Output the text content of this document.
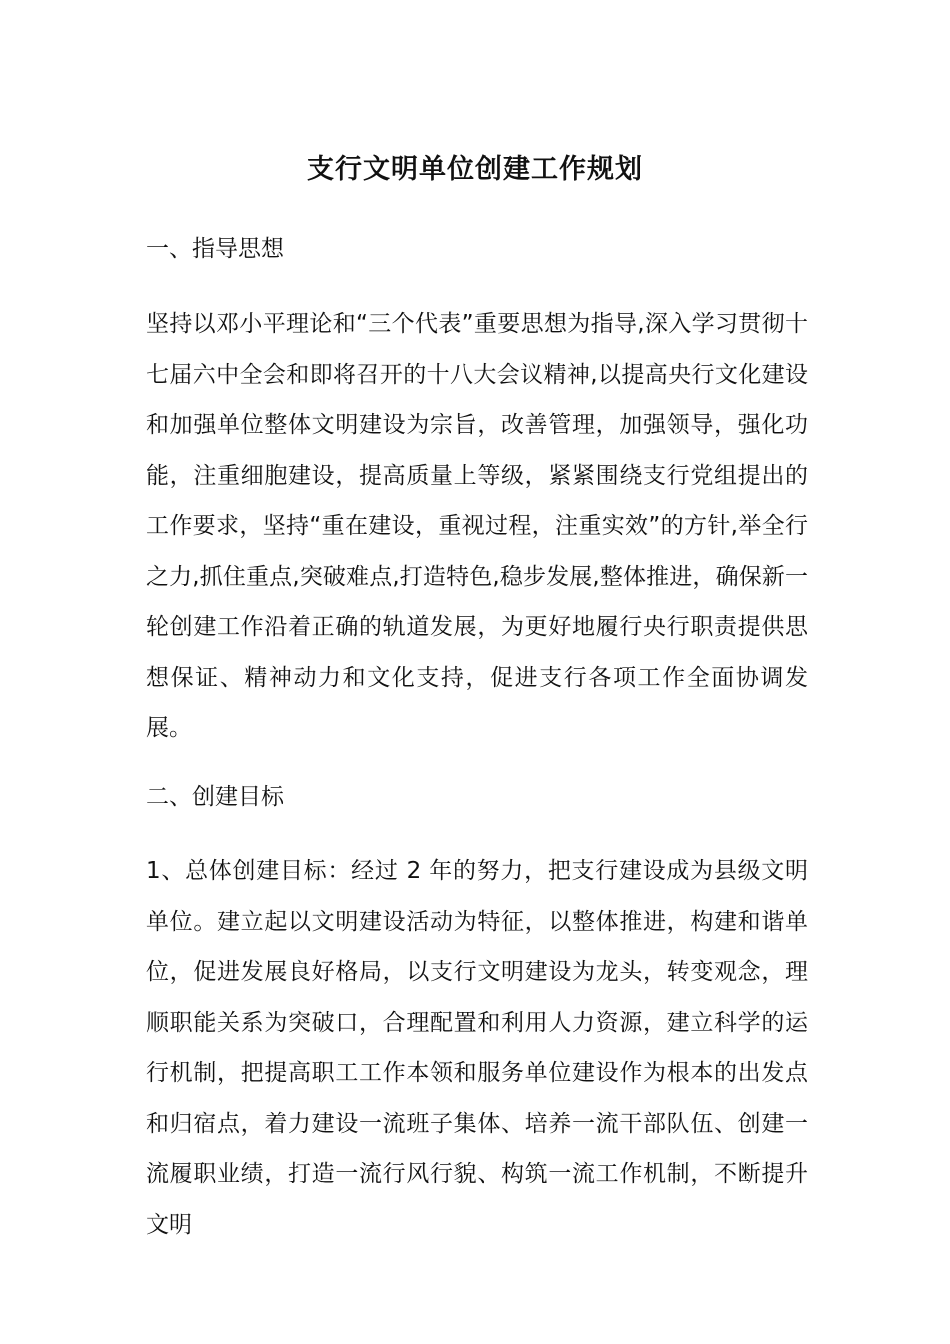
支行文明单位创建工作规划
一、指导思想

坚持以邓小平理论和“三个代表”重要思想为指导,深入学习贯彻十七届六中全会和即将召开的十八大会议精神,以提高央行文化建设和加强单位整体文明建设为宗旨，改善管理，加强领导，强化功能，注重细胞建设，提高质量上等级，紧紧围绕支行党组提出的工作要求，坚持“重在建设，重视过程，注重实效”的方针,举全行之力,抓住重点,突破难点,打造特色,稳步发展,整体推进，确保新一轮创建工作沿着正确的轨道发展，为更好地履行央行职责提供思想保证、精神动力和文化支持，促进支行各项工作全面协调发展。

二、创建目标

1、总体创建目标：经过 2 年的努力，把支行建设成为县级文明单位。建立起以文明建设活动为特征，以整体推进，构建和谐单位，促进发展良好格局，以支行文明建设为龙头，转变观念，理顺职能关系为突破口，合理配置和利用人力资源，建立科学的运行机制，把提高职工工作本领和服务单位建设作为根本的出发点和归宿点，着力建设一流班子集体、培养一流干部队伍、创建一流履职业绩，打造一流行风行貌、构筑一流工作机制，不断提升文明
